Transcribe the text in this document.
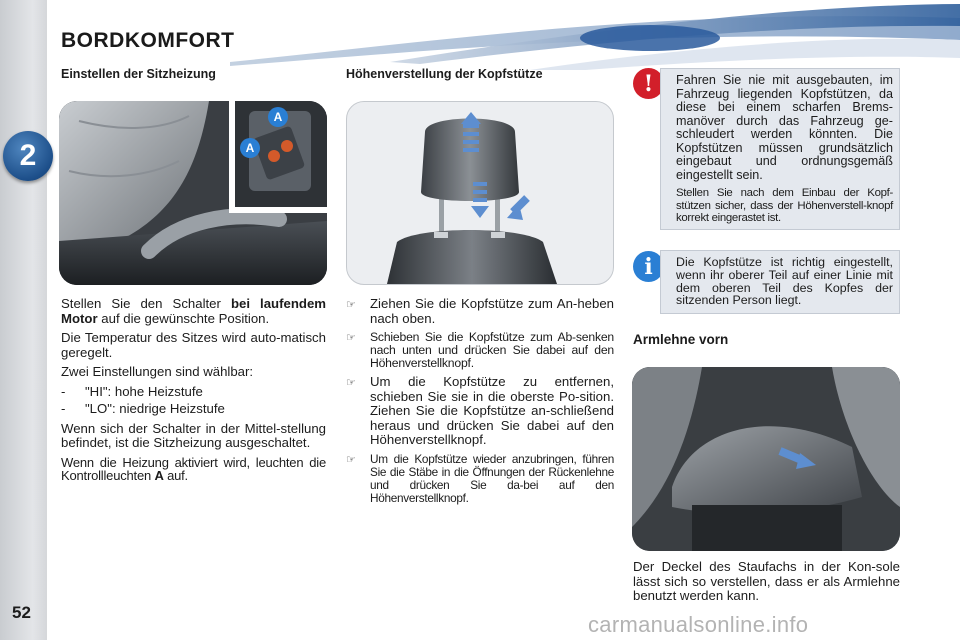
2
52
BORDKOMFORT
Einstellen der Sitzheizung
A
A

Stellen Sie den Schalter bei laufendem Motor auf die gewünschte Position.

Die Temperatur des Sitzes wird auto-matisch geregelt.

Zwei Einstellungen sind wählbar:

-	"HI": hohe Heizstufe
-	"LO": niedrige Heizstufe

Wenn sich der Schalter in der Mittel-stellung befindet, ist die Sitzheizung ausgeschaltet.

Wenn die Heizung aktiviert wird, leuchten die Kontrollleuchten A auf.

Höhenverstellung der Kopfstütze
☞	Ziehen Sie die Kopfstütze zum An-heben nach oben.
☞	Schieben Sie die Kopfstütze zum Ab-senken nach unten und drücken Sie dabei auf den Höhenverstellknopf.
☞	Um die Kopfstütze zu entfernen, schieben Sie sie in die oberste Po-sition. Ziehen Sie die Kopfstütze an-schließend heraus und drücken Sie dabei auf den Höhenverstellknopf.
☞	Um die Kopfstütze wieder anzubringen, führen Sie die Stäbe in die Öffnungen der Rückenlehne und drücken Sie da-bei auf den Höhenverstellknopf.
!	Fahren Sie nie mit ausgebauten, im Fahrzeug liegenden Kopfstützen, da diese bei einem scharfen Brems-manöver durch das Fahrzeug ge-schleudert werden könnten. Die Kopfstützen müssen grundsätzlich eingebaut und ordnungsgemäß eingestellt sein.

Stellen Sie nach dem Einbau der Kopf-stützen sicher, dass der Höhenverstell-knopf korrekt eingerastet ist.

i	Die Kopfstütze ist richtig eingestellt, wenn ihr oberer Teil auf einer Linie mit dem oberen Teil des Kopfes der sitzenden Person liegt.

Armlehne vorn
Der Deckel des Staufachs in der Kon-sole lässt sich so verstellen, dass er als Armlehne benutzt werden kann.
carmanualsonline.info
